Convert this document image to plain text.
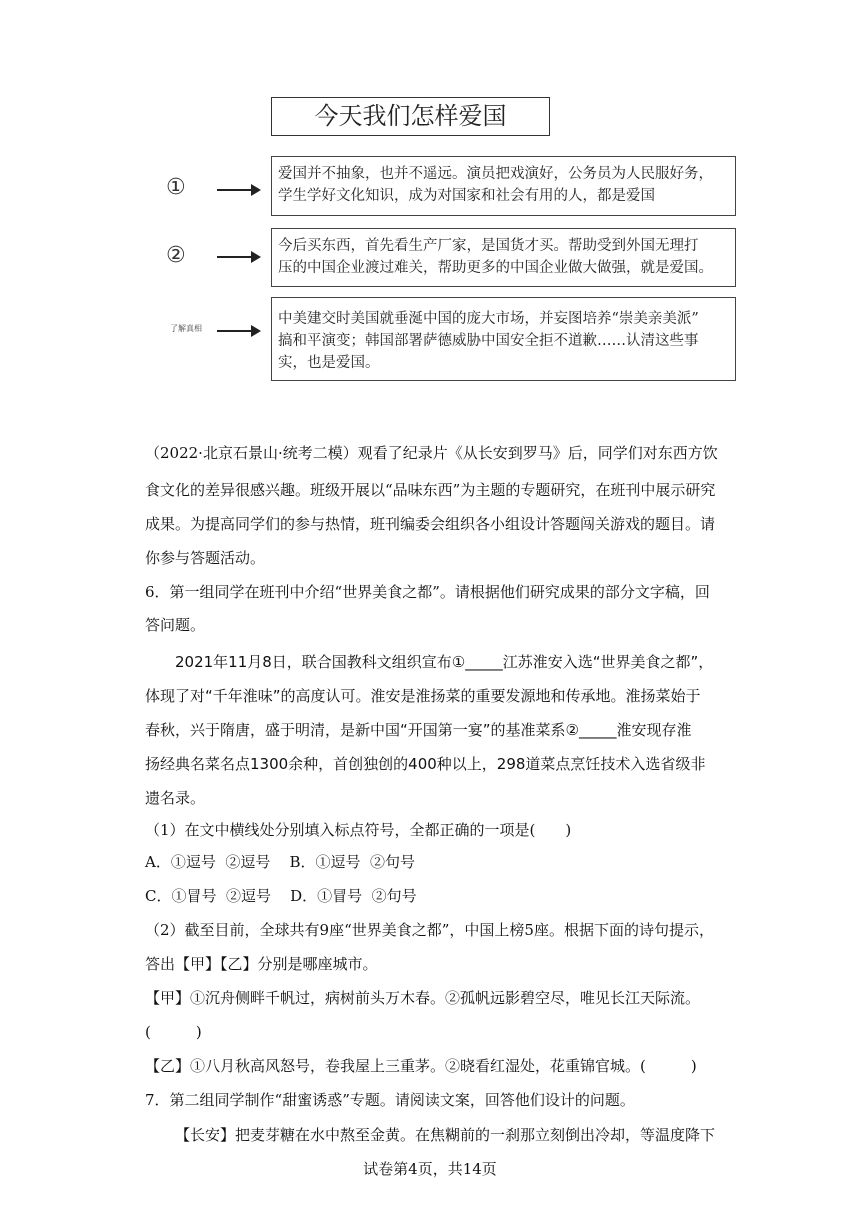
今天我们怎样爱国
①
爱国并不抽象，也并不遥远。演员把戏演好，公务员为人民服好务，
学生学好文化知识，成为对国家和社会有用的人，都是爱国
②	今后买东西，首先看生产厂家，是国货才买。帮助受到外国无理打
压的中国企业渡过难关，帮助更多的中国企业做大做强，就是爱国。
了解真相
中美建交时美国就垂涎中国的庞大市场，并妄图培养“崇美亲美派”
搞和平演变；韩国部署萨德威胁中国安全拒不道歉……认清这些事
实，也是爱国。
（2022·北京石景山·统考二模）观看了纪录片《从长安到罗马》后，同学们对东西方饮
食文化的差异很感兴趣。班级开展以“品味东西”为主题的专题研究，在班刊中展示研究
成果。为提高同学们的参与热情，班刊编委会组织各小组设计答题闯关游戏的题目。请
你参与答题活动。
6．第一组同学在班刊中介绍“世界美食之都”。请根据他们研究成果的部分文字稿，回
答问题。
2021年11月8日，联合国教科文组织宣布①_____江苏淮安入选“世界美食之都”，
体现了对“千年淮味”的高度认可。淮安是淮扬菜的重要发源地和传承地。淮扬菜始于
春秋，兴于隋唐，盛于明清，是新中国“开国第一宴”的基准菜系②_____淮安现存淮
扬经典名菜名点1300余种，首创独创的400种以上，298道菜点烹饪技术入选省级非
遗名录。
（1）在文中横线处分别填入标点符号，全都正确的一项是(　　)
A．①逗号  ②逗号    B．①逗号  ②句号
C．①冒号  ②逗号    D．①冒号  ②句号
（2）截至目前，全球共有9座“世界美食之都”，中国上榜5座。根据下面的诗句提示，
答出【甲】【乙】分别是哪座城市。
【甲】①沉舟侧畔千帆过，病树前头万木春。②孤帆远影碧空尽，唯见长江天际流。
(　　　)
【乙】①八月秋高风怒号，卷我屋上三重茅。②晓看红湿处，花重锦官城。(　　　)
7．第二组同学制作“甜蜜诱惑”专题。请阅读文案，回答他们设计的问题。
【长安】把麦芽糖在水中熬至金黄。在焦糊前的一刹那立刻倒出冷却，等温度降下
试卷第4页，共14页
